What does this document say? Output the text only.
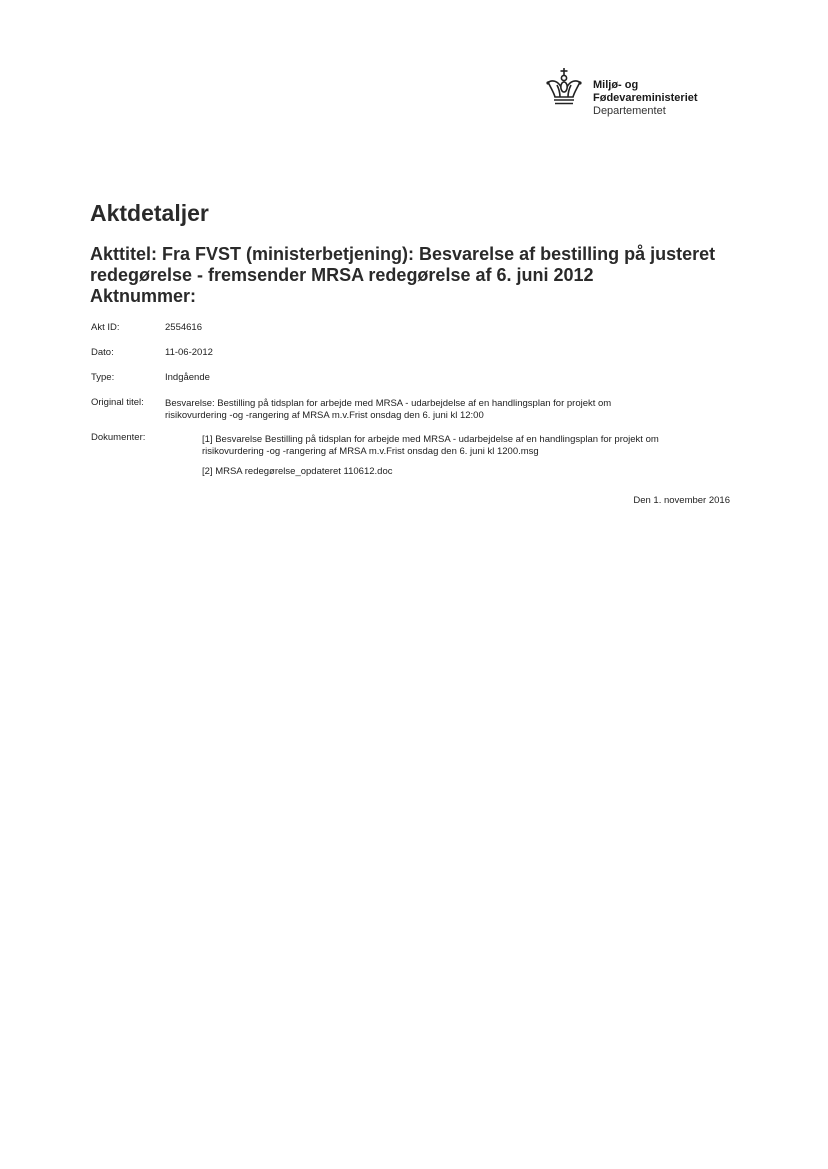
Miljø- og
Fødevareministeriet
Departementet
Aktdetaljer
Akttitel: Fra FVST (ministerbetjening): Besvarelse af bestilling på justeret redegørelse - fremsender MRSA redegørelse af 6. juni 2012
Aktnummer:
Akt ID:	2554616
Dato:	11-06-2012
Type:	Indgående
Original titel: Besvarelse: Bestilling på tidsplan for arbejde med MRSA - udarbejdelse af en handlingsplan for projekt om risikovurdering -og -rangering af MRSA m.v.Frist onsdag den 6. juni kl 12:00
Dokumenter:	[1] Besvarelse Bestilling på tidsplan for arbejde med MRSA - udarbejdelse af en handlingsplan for projekt om risikovurdering -og -rangering af MRSA m.v.Frist onsdag den 6. juni kl 1200.msg
[2] MRSA redegørelse_opdateret 110612.doc
Den 1. november 2016
